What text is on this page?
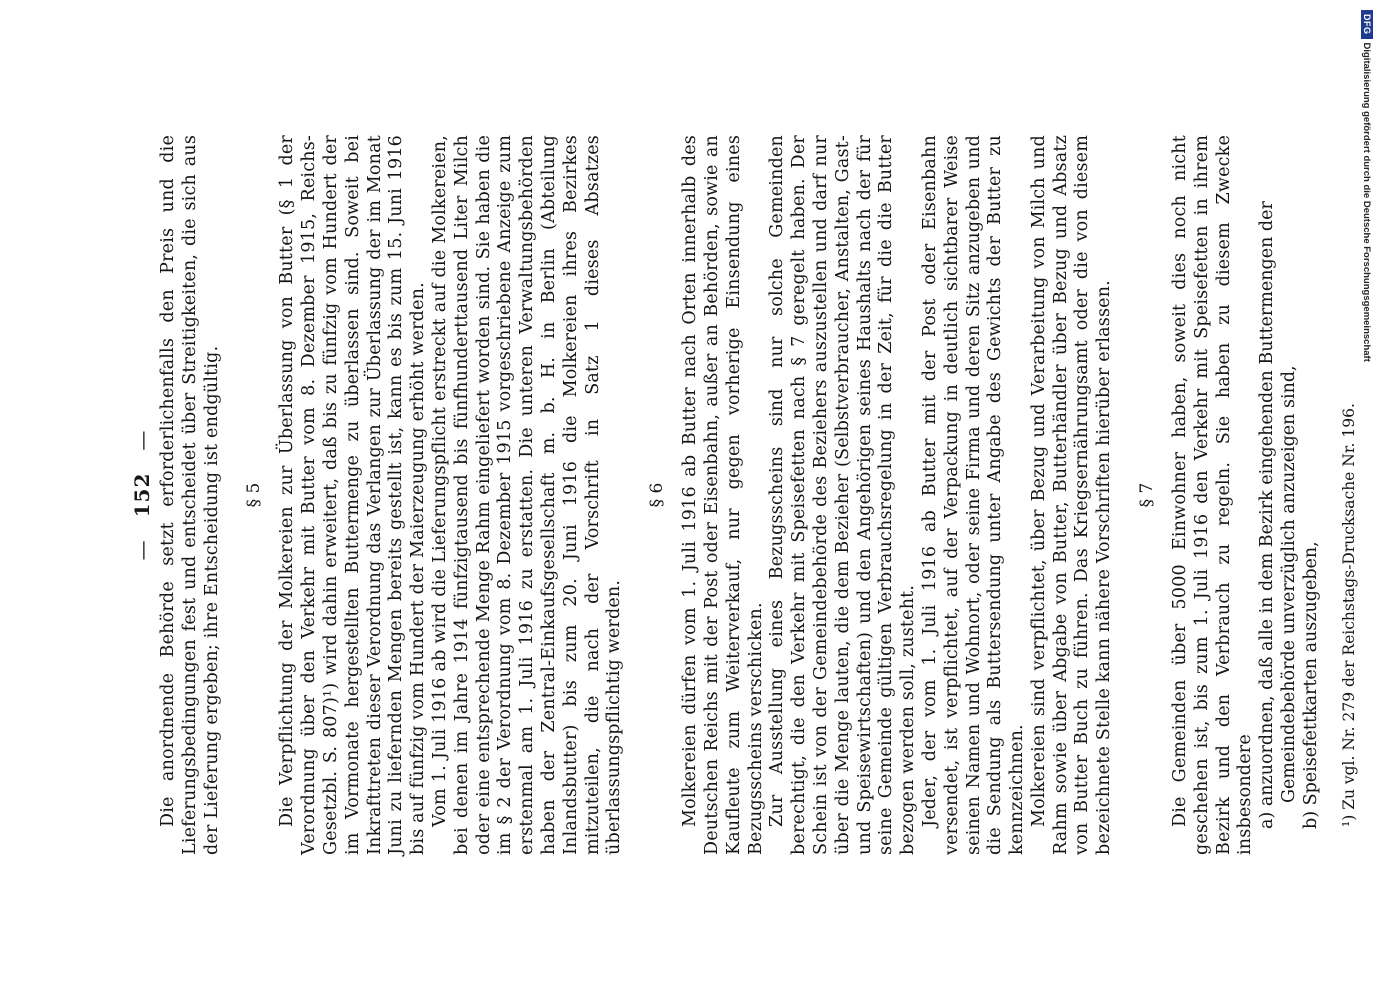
—152— Die anordnende Behörde setzt erforderlichenfalls den Preis und die Lieferungsbedingungen fest und entscheidet über Streitigkeiten, die sich aus der Lieferung ergeben; ihre Entscheidung ist endgültig. § 5 Die Verpflichtung der Molkereien zur Überlassung von Butter (§ 1 der Verordnung über den Verkehr mit Butter vom 8. Dezember 1915, Reichs-Gesetzbl. S. 807)¹) wird dahin erweitert, daß bis zu fünfzig vom Hundert der im Vormonate hergestellten Buttermenge zu überlassen sind. Soweit bei Inkrafttreten dieser Verordnung das Verlangen zur Überlassung der im Monat Juni zu liefernden Mengen bereits gestellt ist, kann es bis zum 15. Juni 1916 bis auf fünfzig vom Hundert der Maierzeugung erhöht werden. Vom 1. Juli 1916 ab wird die Lieferungspflicht erstreckt auf die Molkereien, bei denen im Jahre 1914 fünfzigtausend bis fünfhunderttausend Liter Milch oder eine entsprechende Menge Rahm eingeliefert worden sind. Sie haben die im § 2 der Verordnung vom 8. Dezember 1915 vorgeschriebene Anzeige zum erstenmal am 1. Juli 1916 zu erstatten. Die unteren Verwaltungsbehörden haben der Zentral-Einkaufsgesellschaft m. b. H. in Berlin (Abteilung Inlandsbutter) bis zum 20. Juni 1916 die Molkereien ihres Bezirkes mitzuteilen, die nach der Vorschrift in Satz 1 dieses Absatzes überlassungspflichtig werden.

§ 6 Molkereien dürfen vom 1. Juli 1916 ab Butter nach Orten innerhalb des Deutschen Reichs mit der Post oder Eisenbahn, außer an Behörden, sowie an Kaufleute zum Weiterverkauf, nur gegen vorherige Einsendung eines Bezugsscheins verschicken. Zur Ausstellung eines Bezugsscheins sind nur solche Gemeinden berechtigt, die den Verkehr mit Speisefetten nach § 7 geregelt haben. Der Schein ist von der Gemeindebehörde des Beziehers auszustellen und darf nur über die Menge lauten, die dem Bezieher (Selbstverbraucher, Anstalten, Gast- und Speisewirtschaften) und den Angehörigen seines Haushalts nach der für seine Gemeinde gültigen Verbrauchsregelung in der Zeit, für die die Butter bezogen werden soll, zusteht. Jeder, der vom 1. Juli 1916 ab Butter mit der Post oder Eisenbahn versendet, ist verpflichtet, auf der Verpackung in deutlich sichtbarer Weise seinen Namen und Wohnort, oder seine Firma und deren Sitz anzugeben und die Sendung als Buttersendung unter Angabe des Gewichts der Butter zu kennzeichnen. Molkereien sind verpflichtet, über Bezug und Verarbeitung von Milch und Rahm sowie über Abgabe von Butter, Butterhändler über Bezug und Absatz von Butter Buch zu führen. Das Kriegsernährungsamt oder die von diesem bezeichnete Stelle kann nähere Vorschriften hierüber erlassen. § 7 Die Gemeinden über 5000 Einwohner haben, soweit dies noch nicht geschehen ist, bis zum 1. Juli 1916 den Verkehr mit Speisefetten in ihrem Bezirk und den Verbrauch zu regeln. Sie haben zu diesem Zwecke insbesondere a) anzuordnen, daß alle in dem Bezirk eingehenden Buttermengen der Gemeindebehörde unverzüglich anzuzeigen sind, b) Speisefettkarten auszugeben, ¹) Zu vgl. Nr. 279 der Reichstags-Drucksache Nr. 196.
DFGDigitalisierung gefördert durch die Deutsche Forschungsgemeinschaft
